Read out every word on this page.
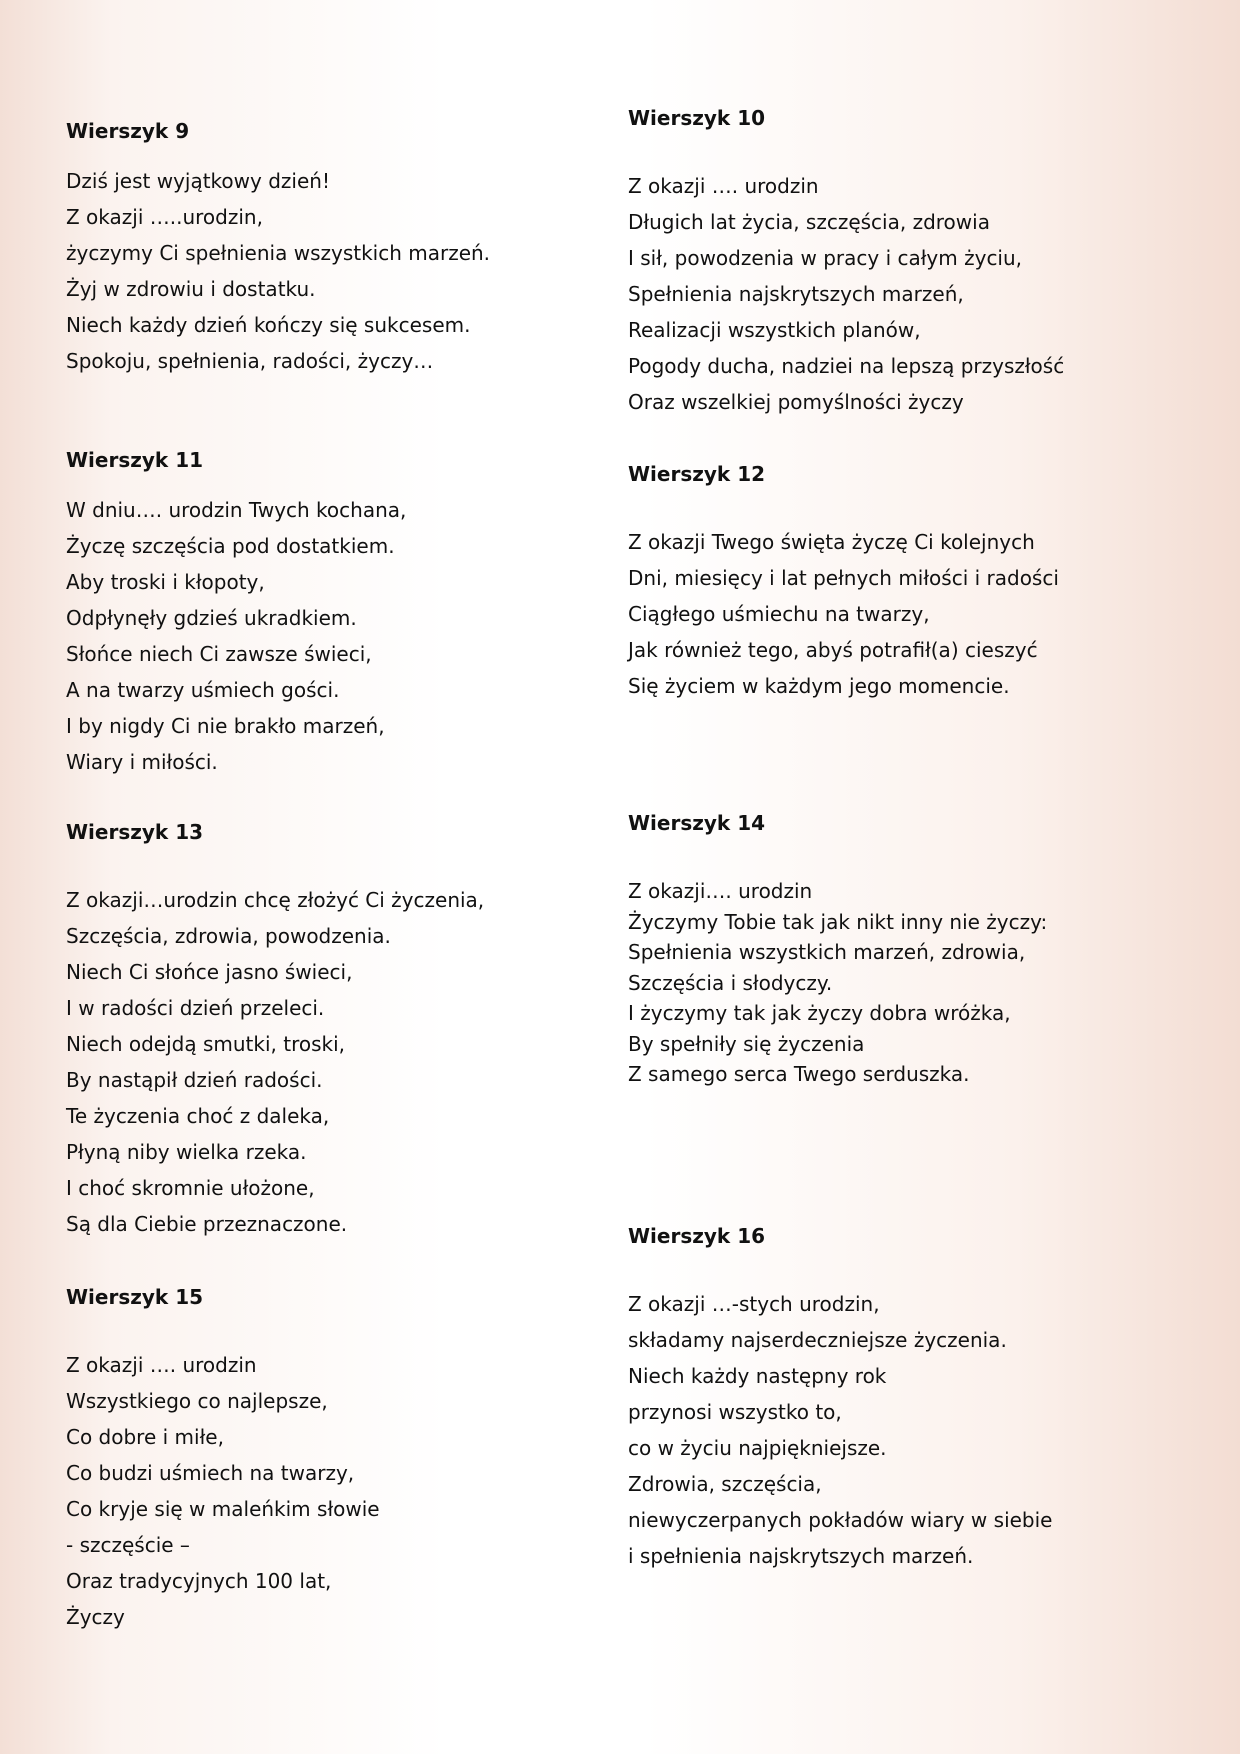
Wierszyk 9
Dziś jest wyjątkowy dzień!
Z okazji …..urodzin,
życzymy Ci spełnienia wszystkich marzeń.
Żyj w zdrowiu i dostatku.
Niech każdy dzień kończy się sukcesem.
Spokoju, spełnienia, radości, życzy…
Wierszyk 10
Z okazji …. urodzin
Długich lat życia, szczęścia, zdrowia
I sił, powodzenia w pracy i całym życiu,
Spełnienia najskrytszych marzeń,
Realizacji wszystkich planów,
Pogody ducha, nadziei na lepszą przyszłość
Oraz wszelkiej pomyślności życzy
Wierszyk 11
W dniu…. urodzin Twych kochana,
Życzę szczęścia pod dostatkiem.
Aby troski i kłopoty,
Odpłynęły gdzieś ukradkiem.
Słońce niech Ci zawsze świeci,
A na twarzy uśmiech gości.
I by nigdy Ci nie brakło marzeń,
Wiary i miłości.
Wierszyk 12
Z okazji Twego święta życzę Ci kolejnych
Dni, miesięcy i lat pełnych miłości i radości
Ciągłego uśmiechu na twarzy,
Jak również tego, abyś potrafił(a) cieszyć
Się życiem w każdym jego momencie.
Wierszyk 13
Z okazji…urodzin chcę złożyć Ci życzenia,
Szczęścia, zdrowia, powodzenia.
Niech Ci słońce jasno świeci,
I w radości dzień przeleci.
Niech odejdą smutki, troski,
By nastąpił dzień radości.
Te życzenia choć z daleka,
Płyną niby wielka rzeka.
I choć skromnie ułożone,
Są dla Ciebie przeznaczone.
Wierszyk 14
Z okazji…. urodzin
Życzymy Tobie tak jak nikt inny nie życzy:
Spełnienia wszystkich marzeń, zdrowia,
Szczęścia i słodyczy.
I życzymy tak jak życzy dobra wróżka,
By spełniły się życzenia
Z samego serca Twego serduszka.
Wierszyk 15
Z okazji …. urodzin
Wszystkiego co najlepsze,
Co dobre i miłe,
Co budzi uśmiech na twarzy,
Co kryje się w maleńkim słowie
- szczęście –
Oraz tradycyjnych 100 lat,
Życzy
Wierszyk 16
Z okazji …-stych urodzin,
składamy najserdeczniejsze życzenia.
Niech każdy następny rok
przynosi wszystko to,
co w życiu najpiękniejsze.
Zdrowia, szczęścia,
niewyczerpanych pokładów wiary w siebie
i spełnienia najskrytszych marzeń.
